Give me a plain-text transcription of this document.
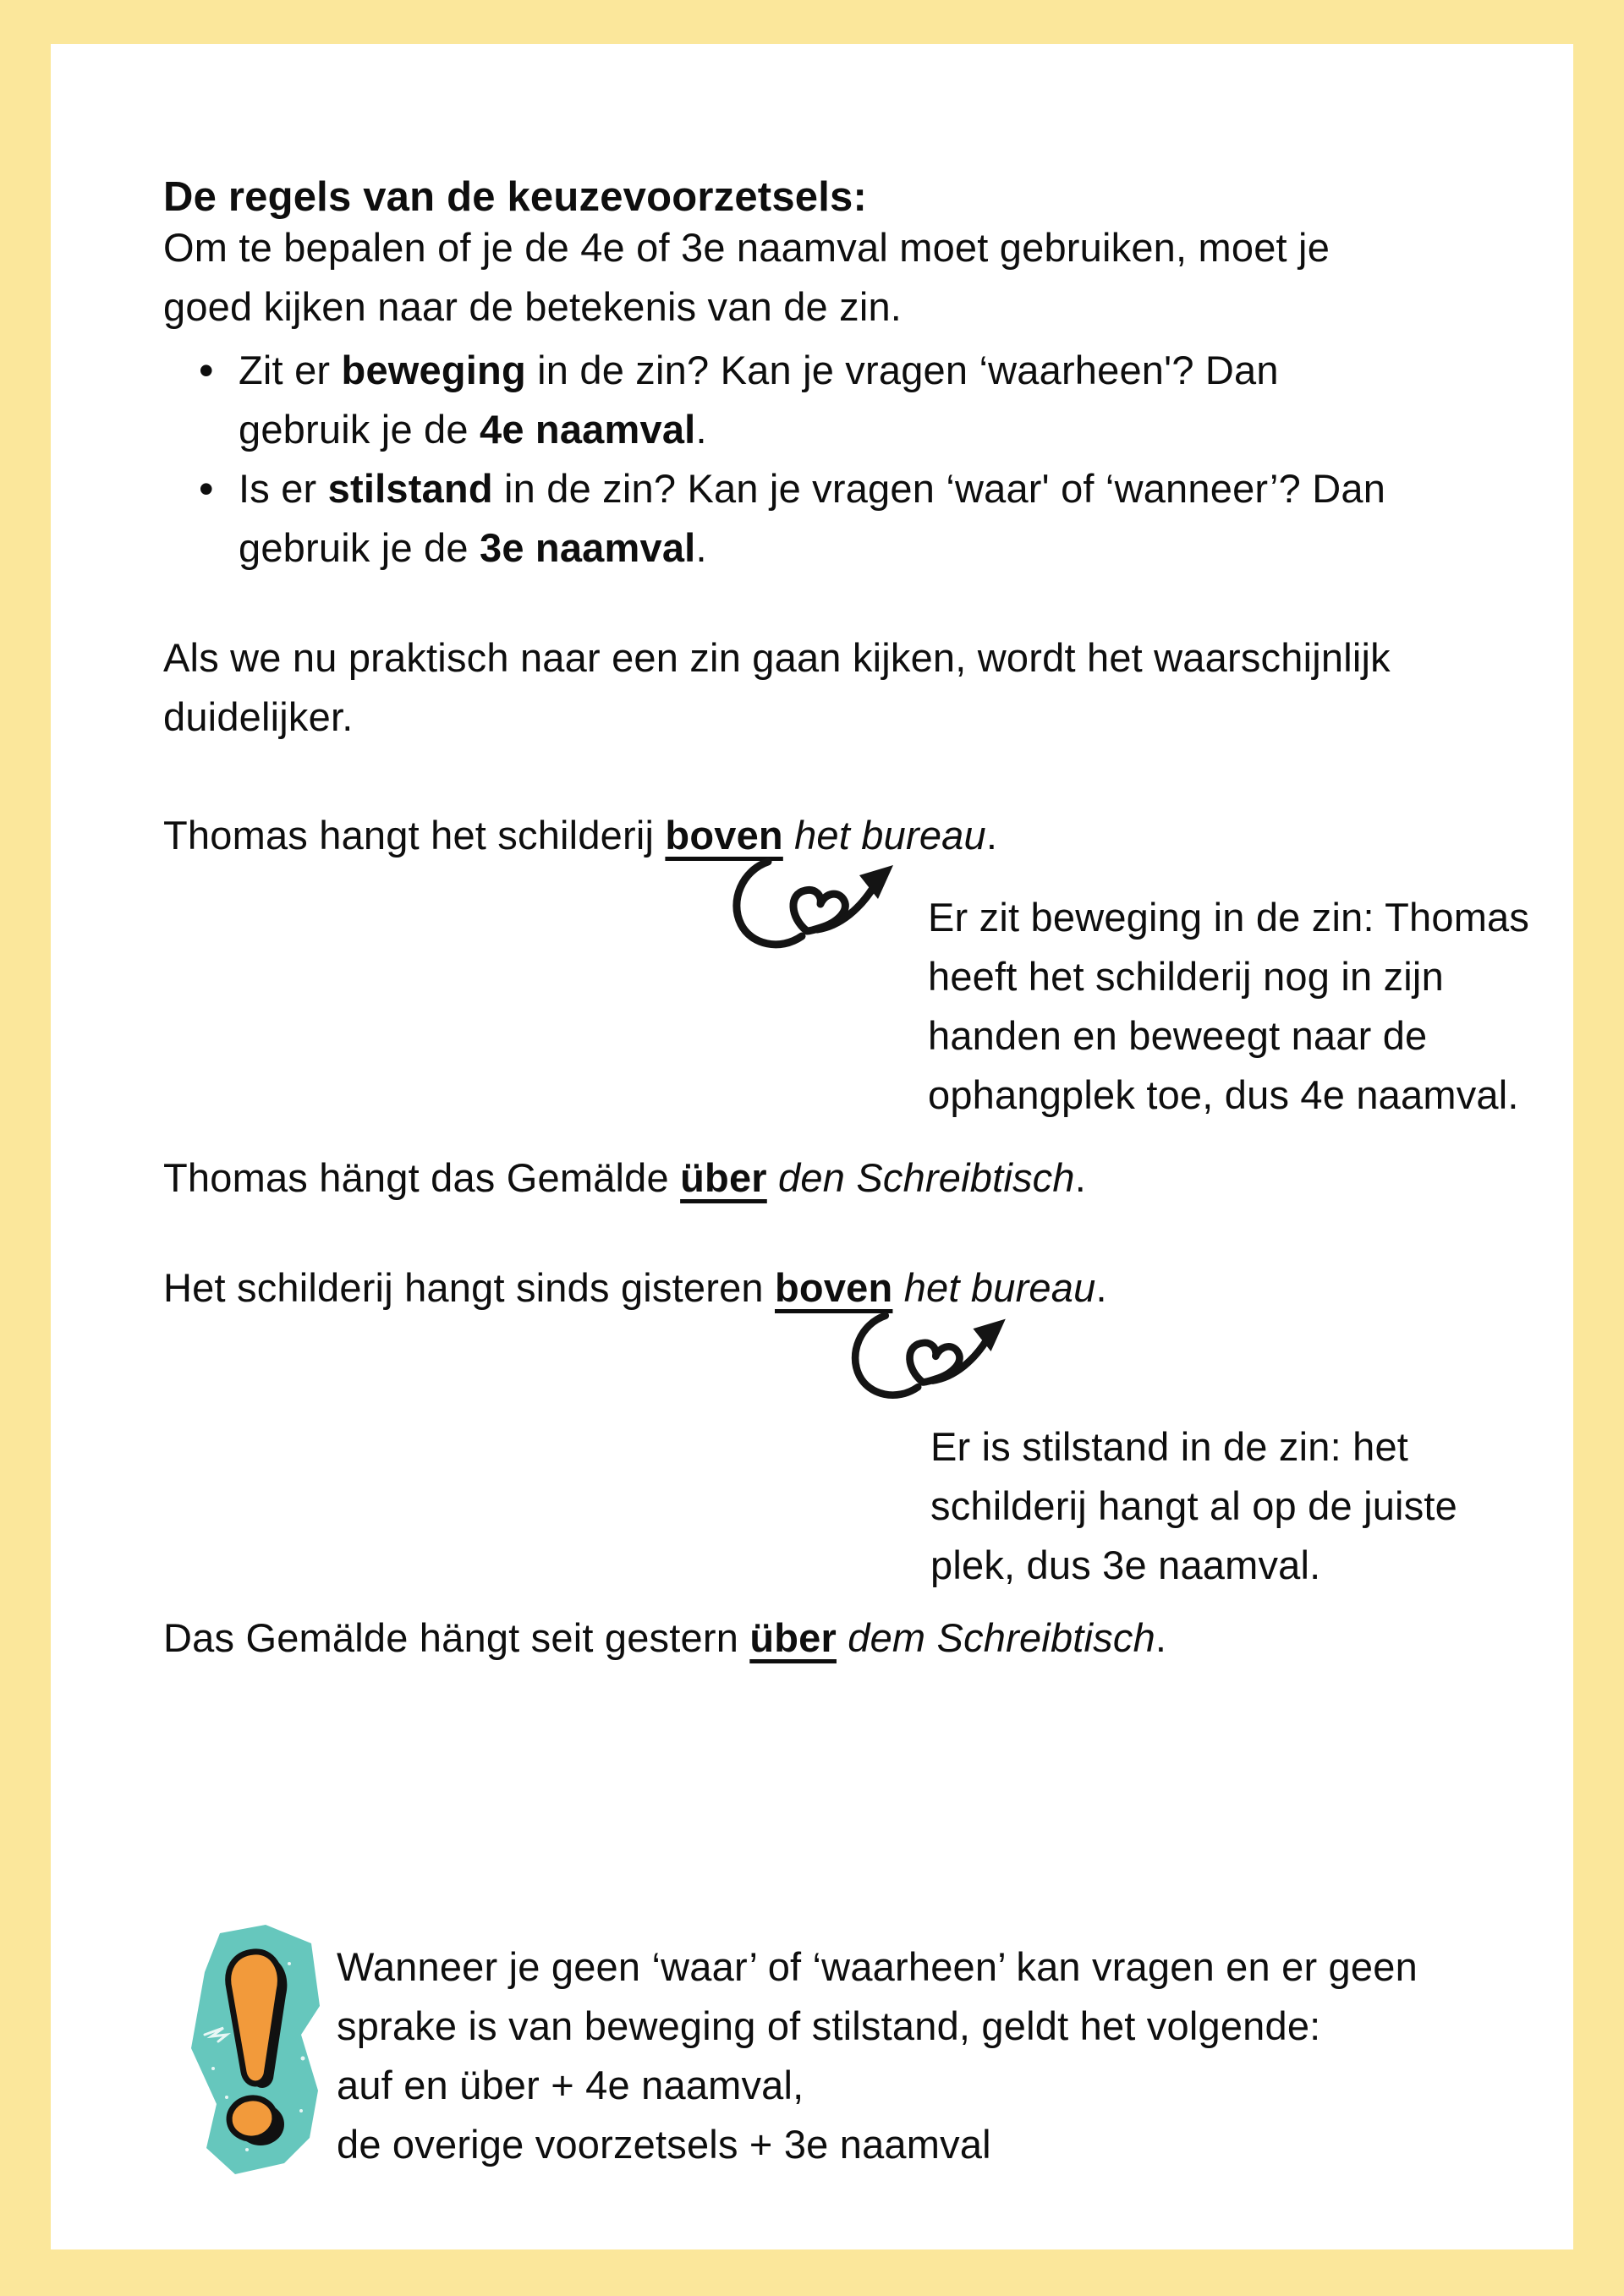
De regels van de keuzevoorzetsels:
Om te bepalen of je de 4e of 3e naamval moet gebruiken, moet je
goed kijken naar de betekenis van de zin.
• Zit er beweging in de zin? Kan je vragen ‘waarheen'? Dan
gebruik je de 4e naamval.
• Is er stilstand in de zin? Kan je vragen ‘waar' of ‘wanneer’? Dan
gebruik je de 3e naamval.
Als we nu praktisch naar een zin gaan kijken, wordt het waarschijnlijk
duidelijker.
Thomas hangt het schilderij boven het bureau.
Er zit beweging in de zin: Thomas
heeft het schilderij nog in zijn
handen en beweegt naar de
ophangplek toe, dus 4e naamval.
Thomas hängt das Gemälde über den Schreibtisch.
Het schilderij hangt sinds gisteren boven het bureau.
Er is stilstand in de zin: het
schilderij hangt al op de juiste
plek, dus 3e naamval.
Das Gemälde hängt seit gestern über dem Schreibtisch.
Wanneer je geen ‘waar’ of ‘waarheen’ kan vragen en er geen
sprake is van beweging of stilstand, geldt het volgende:
auf en über + 4e naamval,
de overige voorzetsels + 3e naamval
